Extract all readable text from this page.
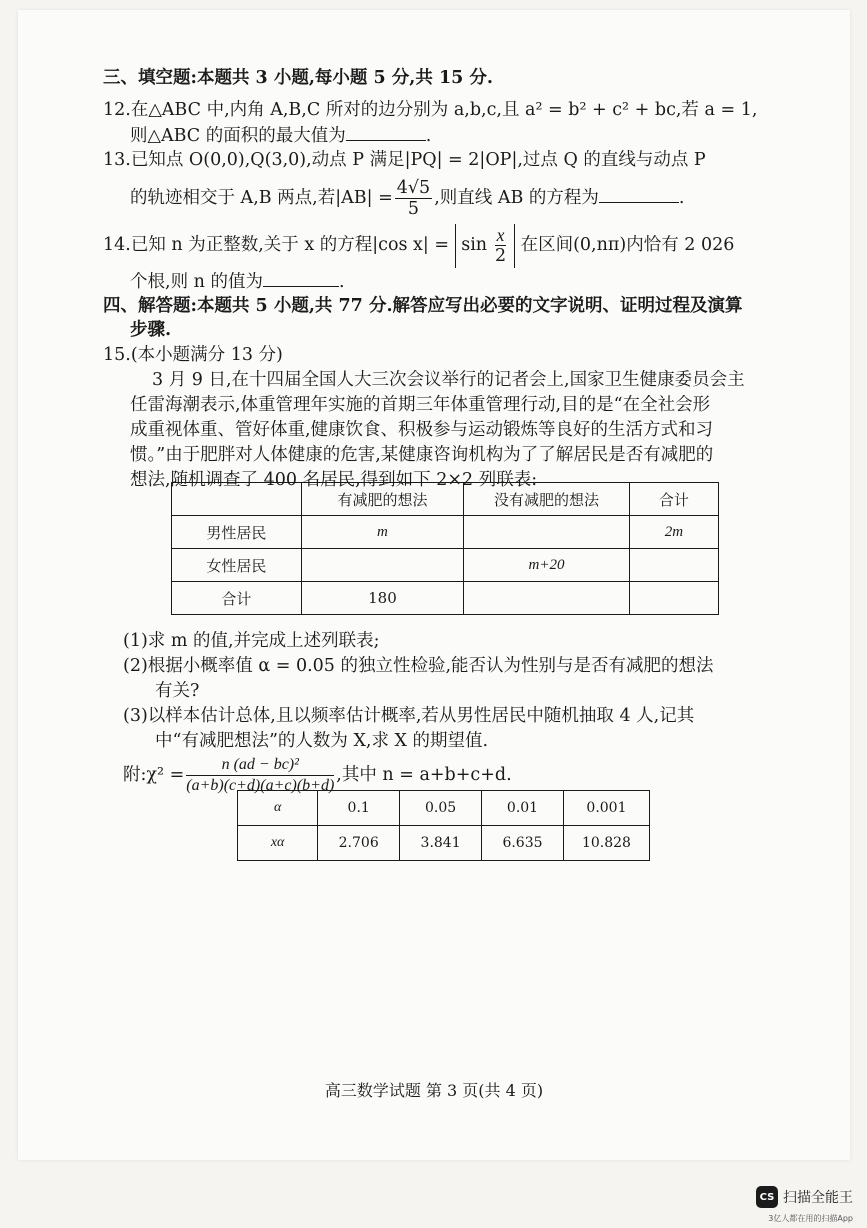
三、填空题:本题共 3 小题,每小题 5 分,共 15 分.
12.在△ABC 中,内角 A,B,C 所对的边分别为 a,b,c,且 a² = b² + c² + bc,若 a = 1,
则△ABC 的面积的最大值为	.
13.已知点 O(0,0),Q(3,0),动点 P 满足|PQ| = 2|OP|,过点 Q 的直线与动点 P
的轨迹相交于 A,B 两点,若$|AB| = \frac{4√5}{5}$ ,则直线 AB 的方程为	.
14.已知 n 为正整数,关于 x 的方程|cos $x| = \sin \frac{x}{2}$ 在区间(0,nπ)内恰有 2 026
个根,则 n 的值为	.
四、解答题:本题共 5 小题,共 77 分.解答应写出必要的文字说明、证明过程及演算
步骤.
15.(本小题满分 13 分)
3 月 9 日,在十四届全国人大三次会议举行的记者会上,国家卫生健康委员会主
任雷海潮表示,体重管理年实施的首期三年体重管理行动,目的是“在全社会形
成重视体重、管好体重,健康饮食、积极参与运动锻炼等良好的生活方式和习
惯。”由于肥胖对人体健康的危害,某健康咨询机构为了了解居民是否有减肥的
想法,随机调查了 400 名居民,得到如下 2×2 列联表:
	有减肥的想法	没有减肥的想法	合计
男性居民	m		2m
女性居民		m+20	
合计	180		
(1)求 m 的值,并完成上述列联表;
(2)根据小概率值 α = 0.05 的独立性检验,能否认为性别与是否有减肥的想法
有关?
(3)以样本估计总体,且以频率估计概率,若从男性居民中随机抽取 4 人,记其
中“有减肥想法”的人数为 X,求 X 的期望值.
附:χ² = $\frac{\text{n (ad − bc)²}}{(a+b)(c+d)(a+c)(b+d)}$ ,其中 n = a+b+c+d.
α	0.1	0.05	0.01	0.001
xα	2.706	3.841	6.635	10.828
高三数学试题 第 3 页(共 4 页)
CS 扫描全能王
3亿人都在用的扫描App
